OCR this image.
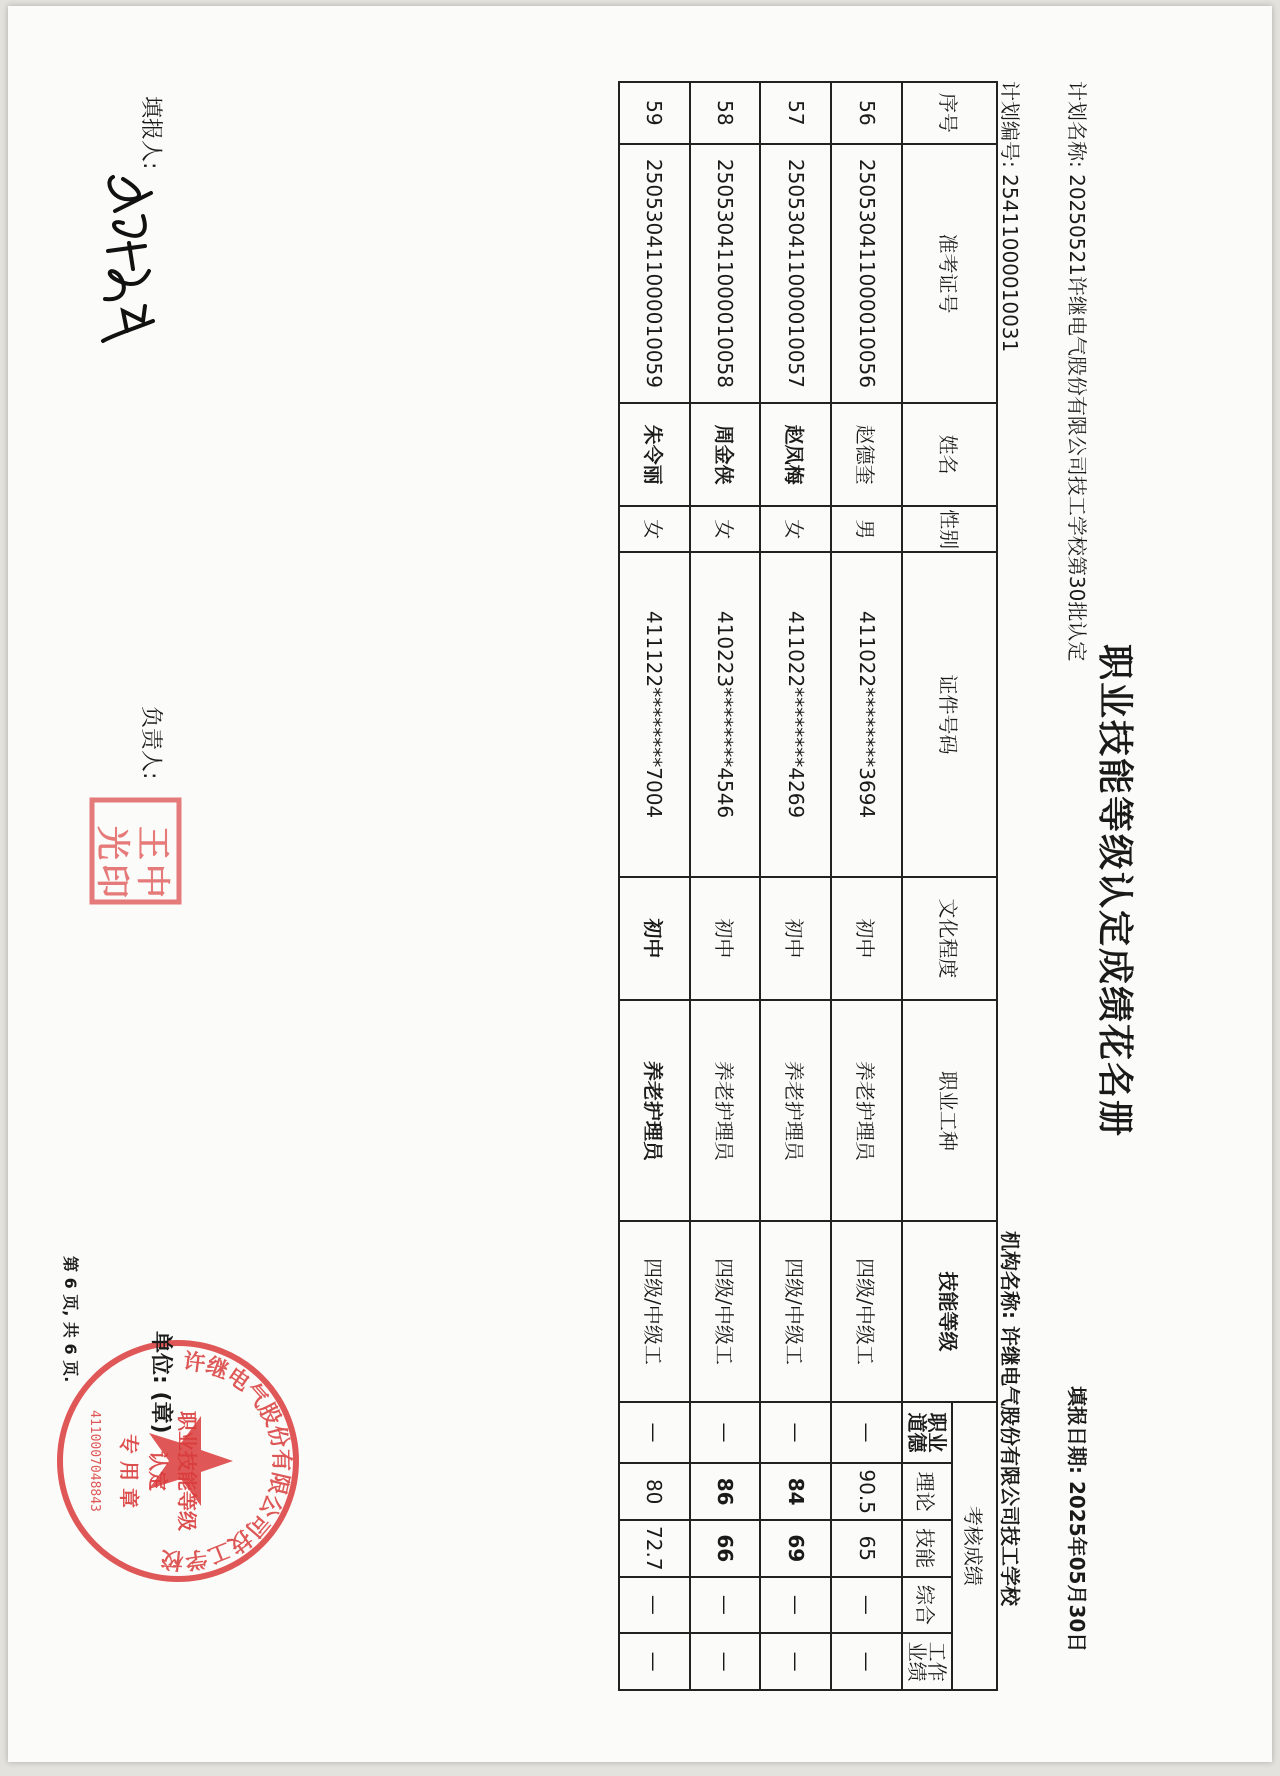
职业技能等级认定成绩花名册
填报日期: 2025年05月30日
计划名称: 20250521许继电气股份有限公司技工学校第30批认定
计划编号: 25411000010031
机构名称: 许继电气股份有限公司技工学校
序号	准考证号	姓名	性别	证件号码	文化程度	职业工种	技能等级	考核成绩				
								职业道德	理论	技能	综合	工作业绩
56	250530411000010056	赵德奎	男	411022********3694	初中	养老护理员	四级/中级工	—	90.5	65	—	—
57	250530411000010057	赵凤梅	女	411022********4269	初中	养老护理员	四级/中级工	—	84	69	—	—
58	250530411000010058	周金侠	女	410223********4546	初中	养老护理员	四级/中级工	—	86	66	—	—
59	250530411000010059	朱令丽	女	411122********7004	初中	养老护理员	四级/中级工	—	80	72.7	—	—
填报人:
负责人:
王
光
中
印
许继电气股份有限公司技工学校
4110007048843
单位: (章)
职业技能等级认定
专 用 章
第 6 页, 共 6 页.
